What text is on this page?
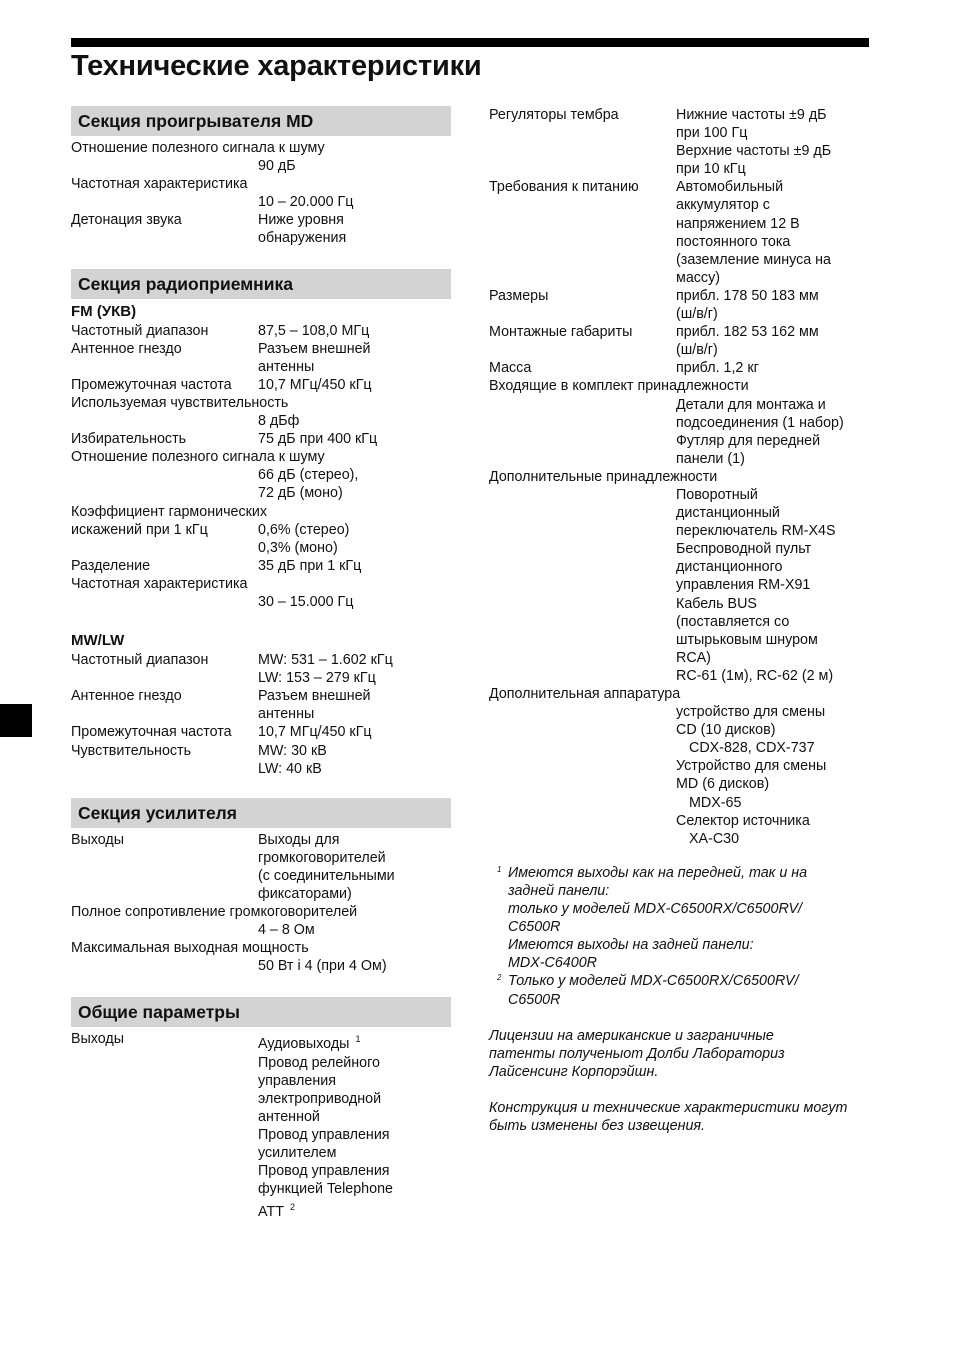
Технические характеристики
Секция проигрывателя MD
Отношение полезного сигнала к шуму
90 дБ
Частотная характеристика
10 – 20.000 Гц
Детонация звука	Ниже уровня
обнаружения
Секция радиоприемника
FM (УКВ)
Частотный диапазон	87,5 – 108,0 МГц
Антенное гнездо	Разъем внешней
антенны
Промежуточная частота	10,7 МГц/450 кГц
Используемая чувствительность
8 дБф
Избирательность	75 дБ при 400 кГц
Отношение полезного сигнала к шуму
66 дБ (стерео),
72 дБ (моно)
Коэффициент гармонических
искажений при 1 кГц	0,6% (стерео)
0,3% (моно)
Разделение	35 дБ при 1 кГц
Частотная характеристика
30 – 15.000 Гц
MW/LW
Частотный диапазон	MW: 531 – 1.602 кГц
LW: 153 – 279 кГц
Антенное гнездо	Разъем внешней
антенны
Промежуточная частота	10,7 МГц/450 кГц
Чувствительность	MW: 30 кВ
LW: 40 кВ
Секция усилителя
Выходы	Выходы для
громкоговорителей
(с соединительными
фиксаторами)
Полное сопротивление громкоговорителей
4 – 8 Ом
Максимальная выходная мощность
50 Вт і 4 (при 4 Ом)
Общие параметры
Выходы	Аудиовыходы $^1$
Провод релейного
управления
электроприводной
антенной
Провод управления
усилителем
Провод управления
функцией Telephone
ATT $^2$
Регуляторы тембра	Нижние частоты ±9 дБ
при 100 Гц
Верхние частоты ±9 дБ
при 10 кГц
Требования к питанию	Автомобильный
аккумулятор с
напряжением 12 В
постоянного тока
(заземление минуса на
массу)
Размеры	прибл. 178 50 183 мм
(ш/в/г)
Монтажные габариты	прибл. 182 53 162 мм
(ш/в/г)
Масса	прибл. 1,2 кг
Входящие в комплект принадлежности
Детали для монтажа и
подсоединения (1 набор)
Футляр для передней
панели (1)
Дополнительные принадлежности
Поворотный
дистанционный
переключатель RM-X4S
Беспроводной пульт
дистанционного
управления RM-X91
Кабель BUS
(поставляется со
штырьковым шнуром
RCA)
RC-61 (1м), RC-62 (2 м)
Дополнительная аппаратура
устройство для смены
CD (10 дисков)
CDX-828, CDX-737
Устройство для смены
MD (6 дисков)
MDX-65
Селектор источника
XA-C30
1 Имеются выходы как на передней, так и на
задней панели:
только у моделей MDX-C6500RX/C6500RV/
C6500R
Имеются выходы на задней панели:
MDX-C6400R
2 Только у моделей MDX-C6500RX/C6500RV/
C6500R
Лицензии на американские и заграничные
патенты полученыот Долби Лабораториз
Лайсенсинг Корпорэйшн.
Конструкция и технические характеристики могут
быть изменены без извещения.
